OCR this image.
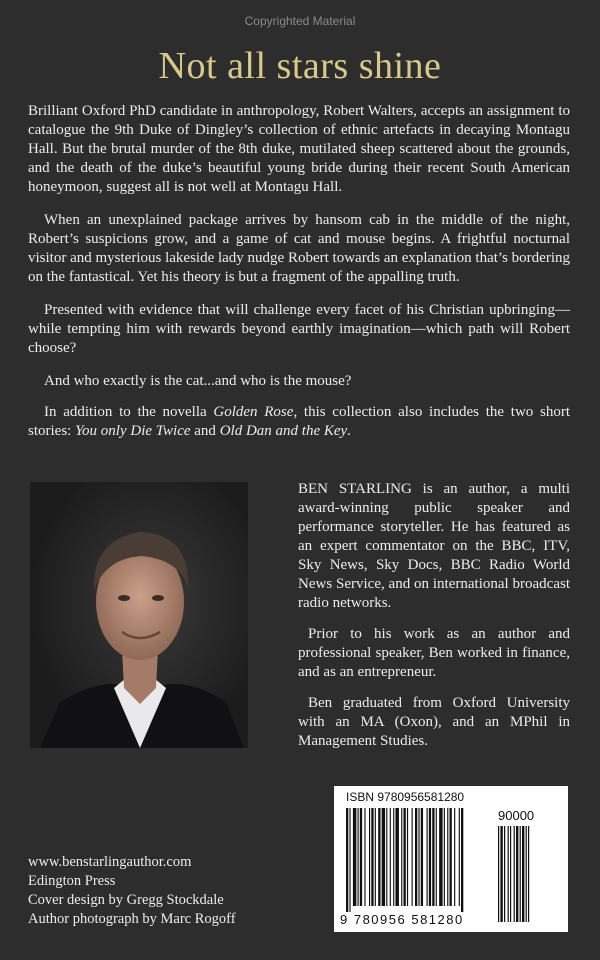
Copyrighted Material
Not all stars shine

Brilliant Oxford PhD candidate in anthropology, Robert Walters, accepts an assignment to catalogue the 9th Duke of Dingley’s collection of ethnic artefacts in decaying Montagu Hall. But the brutal murder of the 8th duke, mutilated sheep scattered about the grounds, and the death of the duke’s beautiful young bride during their recent South American honeymoon, suggest all is not well at Montagu Hall.

When an unexplained package arrives by hansom cab in the middle of the night, Robert’s suspicions grow, and a game of cat and mouse begins. A frightful nocturnal visitor and mysterious lakeside lady nudge Robert towards an explanation that’s bordering on the fantastical. Yet his theory is but a fragment of the appalling truth.

Presented with evidence that will challenge every facet of his Christian upbringing—while tempting him with rewards beyond earthly imagination—which path will Robert choose?

And who exactly is the cat...and who is the mouse?

In addition to the novella Golden Rose, this collection also includes the two short stories: You only Die Twice and Old Dan and the Key.

BEN STARLING is an author, a multi award-winning public speaker and performance storyteller. He has featured as an expert commentator on the BBC, ITV, Sky News, Sky Docs, BBC Radio World News Service, and on international broadcast radio networks.

Prior to his work as an author and professional speaker, Ben worked in finance, and as an entrepreneur.

Ben graduated from Oxford University with an MA (Oxon), and an MPhil in Management Studies.

www.benstarlingauthor.com
Edington Press
Cover design by Gregg Stockdale
Author photograph by Marc Rogoff
ISBN 9780956581280
90000
9 780956 581280
